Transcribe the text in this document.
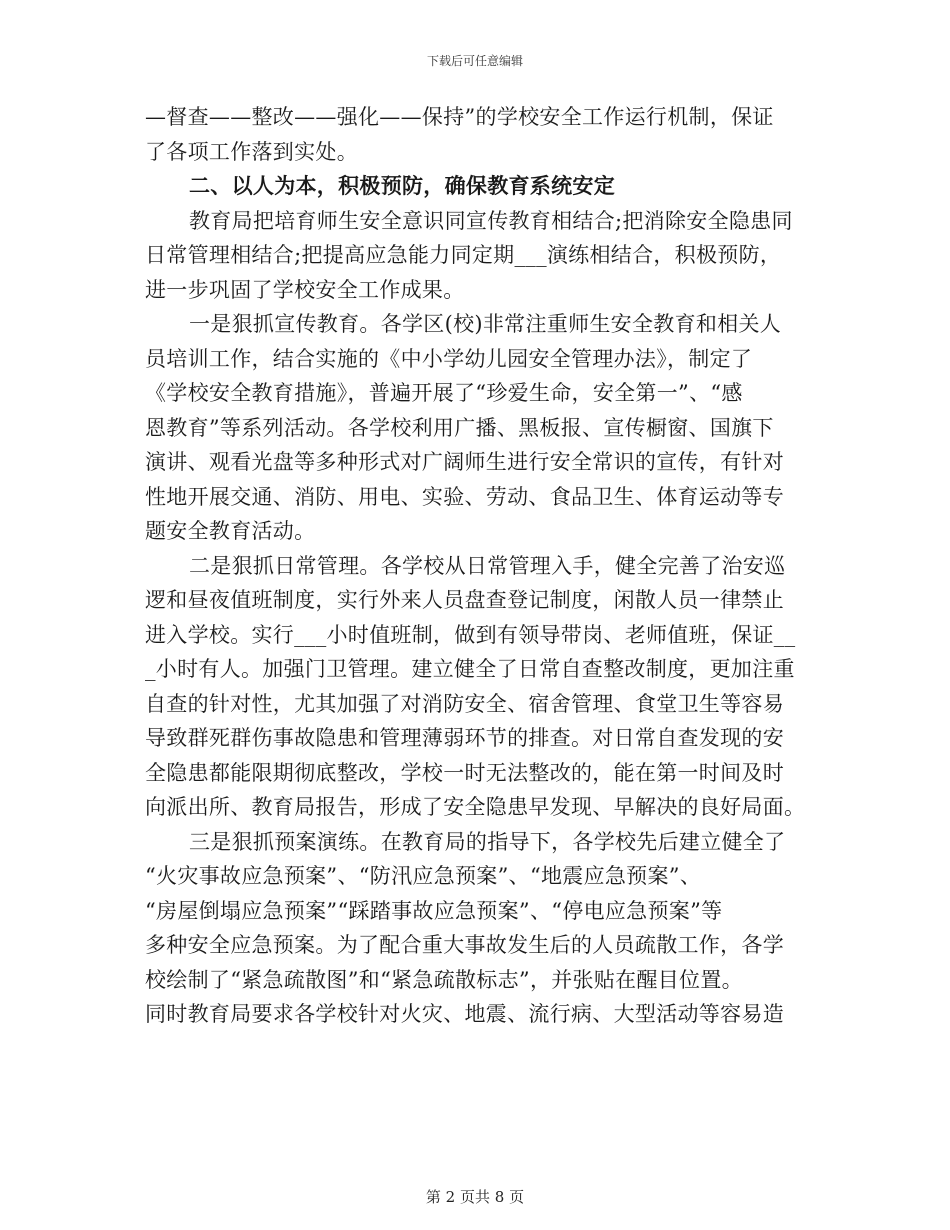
下载后可任意编辑
—督查——整改——强化——保持”的学校安全工作运行机制，保证
了各项工作落到实处。
二、以人为本，积极预防，确保教育系统安定
教育局把培育师生安全意识同宣传教育相结合;把消除安全隐患同
日常管理相结合;把提高应急能力同定期___演练相结合，积极预防，
进一步巩固了学校安全工作成果。
一是狠抓宣传教育。各学区(校)非常注重师生安全教育和相关人
员培训工作，结合实施的《中小学幼儿园安全管理办法》，制定了
《学校安全教育措施》，普遍开展了“珍爱生命，安全第一”、“感
恩教育”等系列活动。各学校利用广播、黑板报、宣传橱窗、国旗下
演讲、观看光盘等多种形式对广阔师生进行安全常识的宣传，有针对
性地开展交通、消防、用电、实验、劳动、食品卫生、体育运动等专
题安全教育活动。
二是狠抓日常管理。各学校从日常管理入手，健全完善了治安巡
逻和昼夜值班制度，实行外来人员盘查登记制度，闲散人员一律禁止
进入学校。实行___小时值班制，做到有领导带岗、老师值班，保证__
_小时有人。加强门卫管理。建立健全了日常自查整改制度，更加注重
自查的针对性，尤其加强了对消防安全、宿舍管理、食堂卫生等容易
导致群死群伤事故隐患和管理薄弱环节的排查。对日常自查发现的安
全隐患都能限期彻底整改，学校一时无法整改的，能在第一时间及时
向派出所、教育局报告，形成了安全隐患早发现、早解决的良好局面。
三是狠抓预案演练。在教育局的指导下，各学校先后建立健全了
“火灾事故应急预案”、“防汛应急预案”、“地震应急预案”、
“房屋倒塌应急预案”“踩踏事故应急预案”、“停电应急预案”等
多种安全应急预案。为了配合重大事故发生后的人员疏散工作，各学
校绘制了“紧急疏散图”和“紧急疏散标志”，并张贴在醒目位置。
同时教育局要求各学校针对火灾、地震、流行病、大型活动等容易造
第 2 页共 8 页
